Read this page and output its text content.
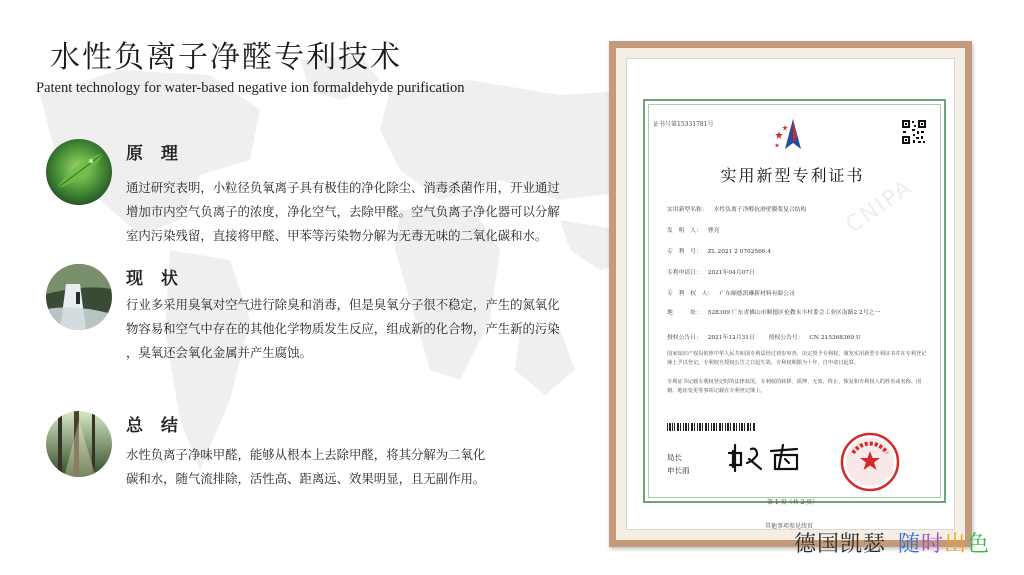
水性负离子净醛专利技术
Patent technology for water-based negative ion formaldehyde purification
原 理
通过研究表明，小粒径负氧离子具有极佳的净化除尘、消毒杀菌作用，开业通过
增加市内空气负离子的浓度，净化空气，去除甲醛。空气负离子净化器可以分解
室内污染残留，直接将甲醛、甲苯等污染物分解为无毒无味的二氧化碳和水。
现 状
行业多采用臭氧对空气进行除臭和消毒，但是臭氧分子很不稳定，产生的氮氧化
物容易和空气中存在的其他化学物质发生反应，组成新的化合物，产生新的污染
，臭氧还会氧化金属并产生腐蚀。
总 结
水性负离子净味甲醛，能够从根本上去除甲醛，将其分解为二氧化
碳和水，随气流排除，活性高、距离远、效果明显，且无副作用。
证书号第15331781号
实用新型专利证书
CNIPA
实用新型名称： 水性负离子净醛抗滑壁膜浆复合结构
发　明　人： 曹亮
专　利　号： ZL 2021 2 0702566.4
专利申请日： 2021年04月07日
专　利　权　人： 广东顺德凯琳新材料有限公司
地　　　址： 528309 广东省佛山市顺德区伦教永丰村委会工业区南路2 2号之一
授权公告日： 2021年12月31日 授权公告号： CN 215368369 U
国家知识产权局依照中华人民共和国专利法经过初步审查，决定授予专利权，颁发实用新型专利证书并在专利登记簿上予以登记。专利权自授权公告之日起生效。专利权期限为十年，自申请日起算。
专利证书记载专利权登记时的法律状况。专利权的转移、质押、无效、终止、恢复和专利权人的姓名或名称、国籍、地址变更等事项记载在专利登记簿上。
局长
申长雨
第 1 页（共 2 页）
其他事项参见续页
德国凯瑟 随时出色
